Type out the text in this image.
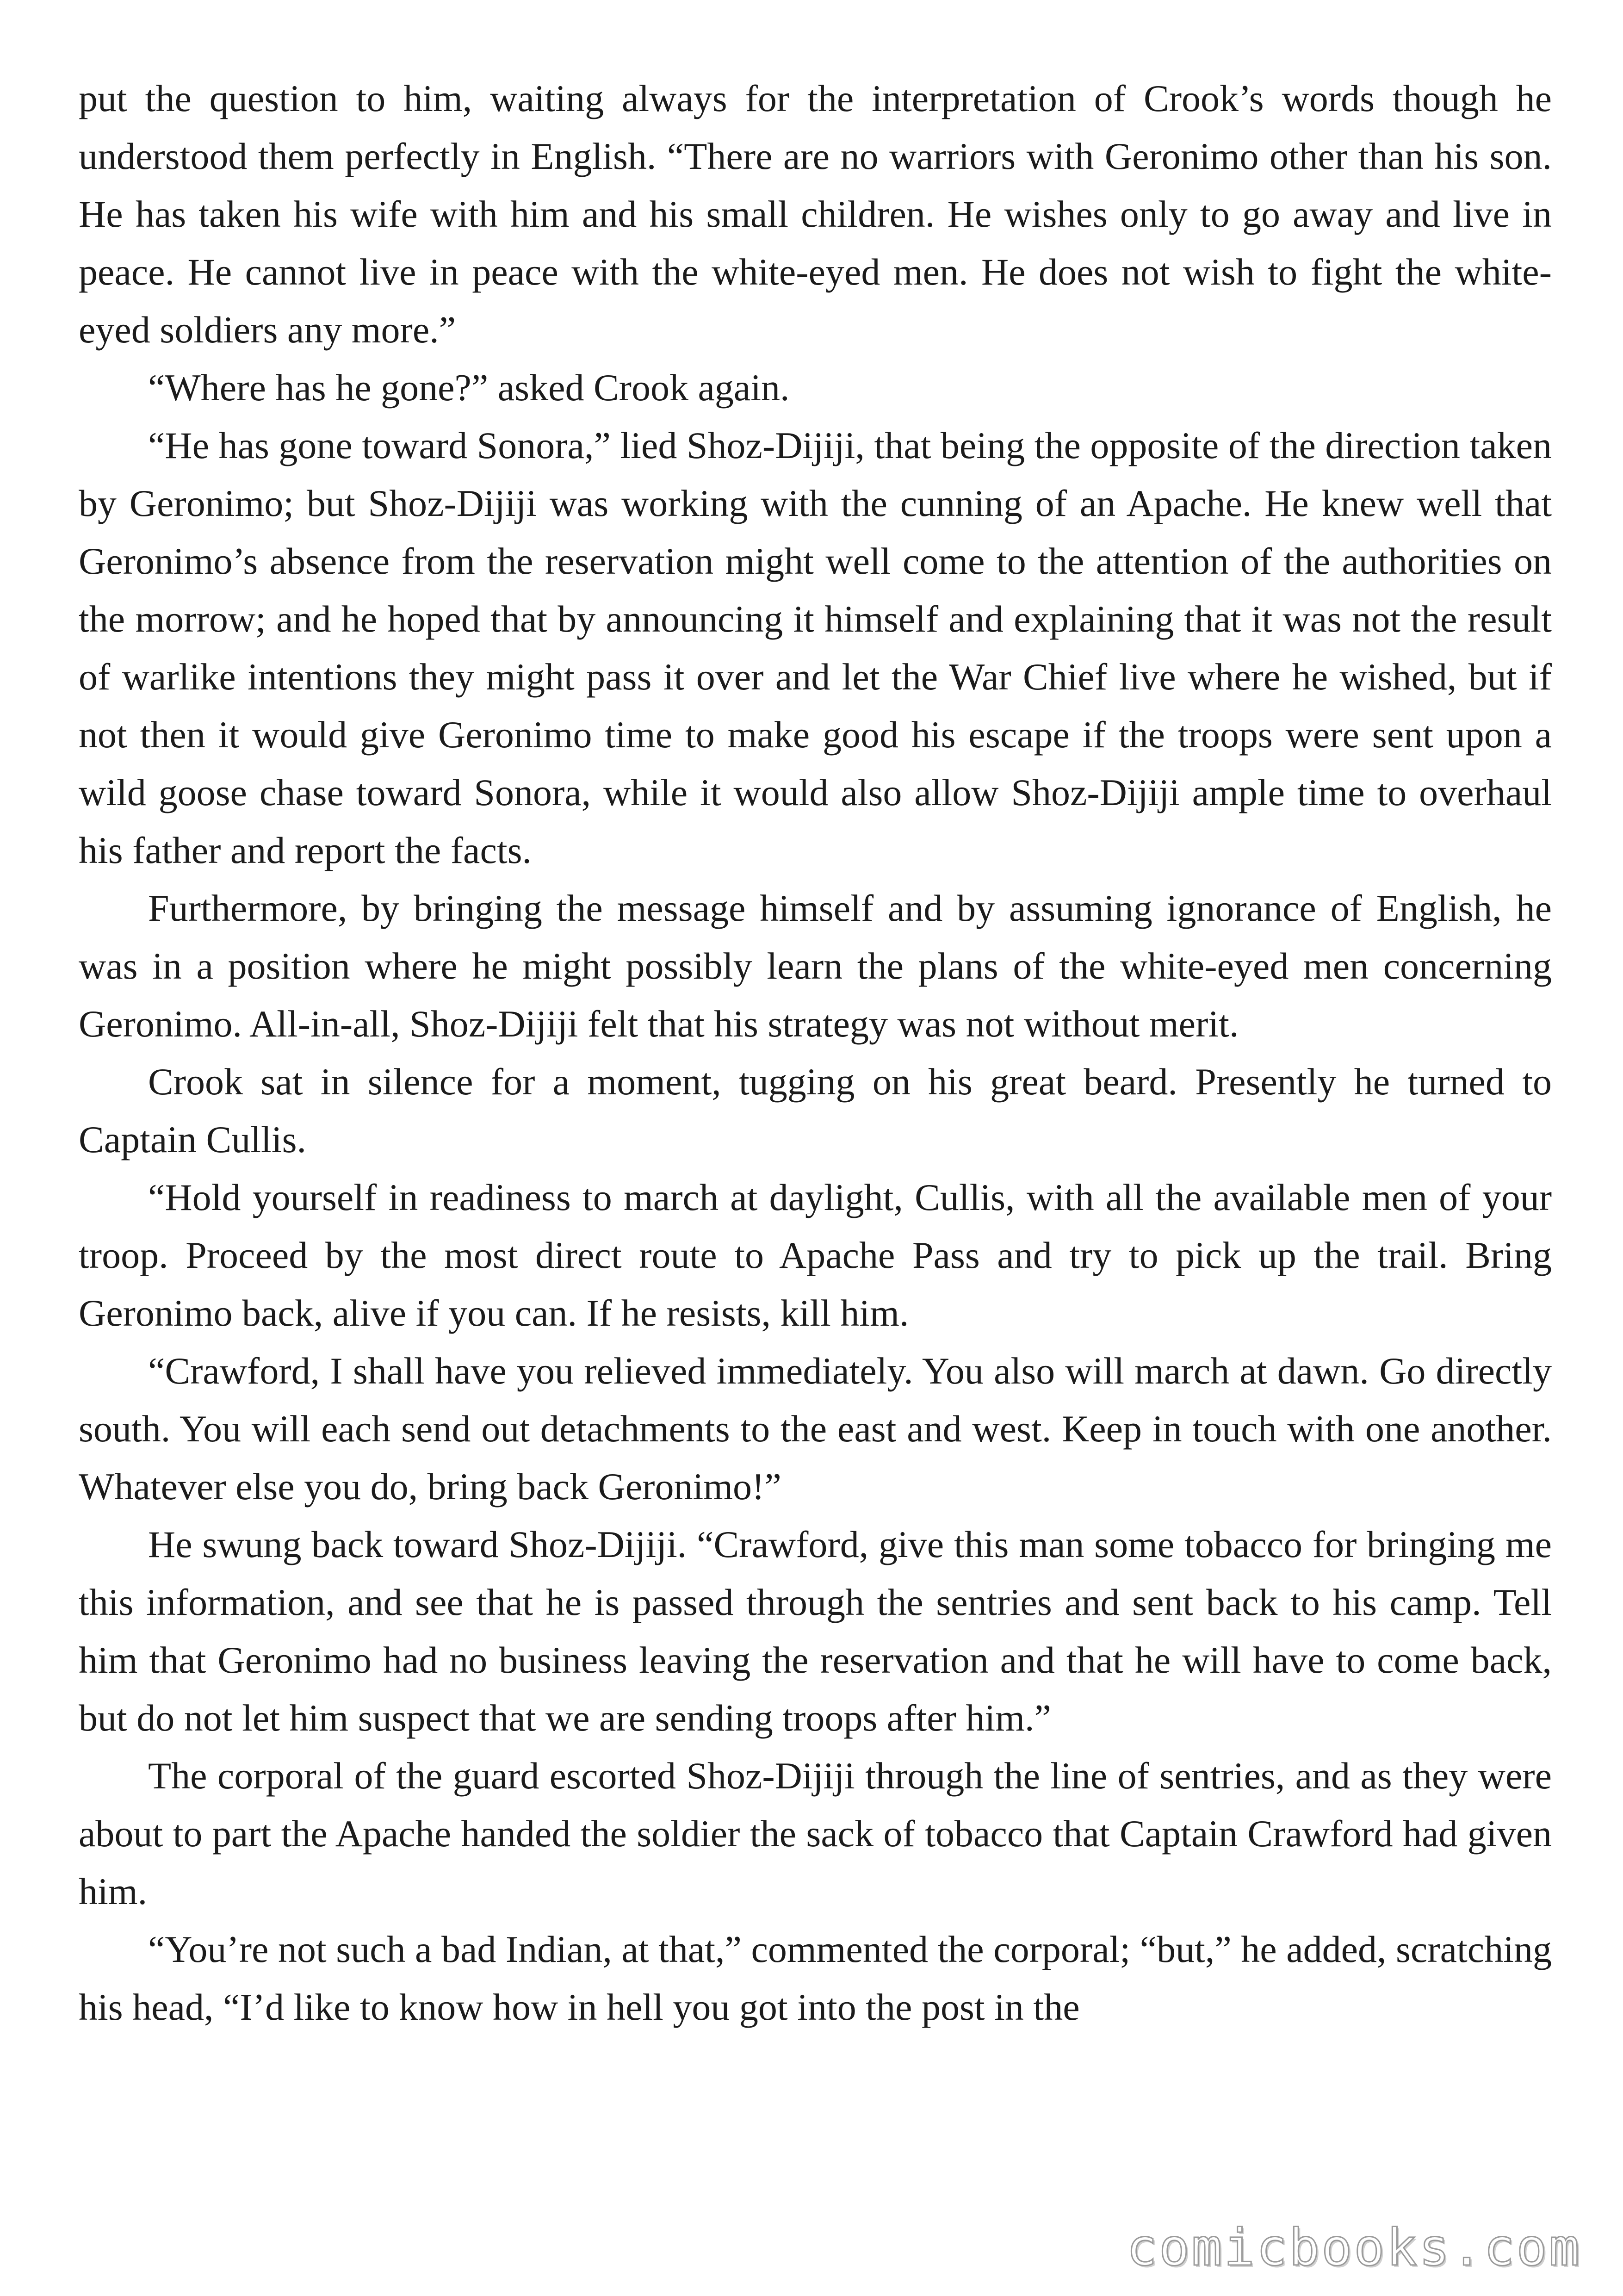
put the question to him, waiting always for the interpretation of Crook’s words though he understood them perfectly in English. “There are no warriors with Geronimo other than his son. He has taken his wife with him and his small children. He wishes only to go away and live in peace. He cannot live in peace with the white-eyed men. He does not wish to fight the white-eyed soldiers any more.”

“Where has he gone?” asked Crook again.

“He has gone toward Sonora,” lied Shoz-Dijiji, that being the opposite of the direction taken by Geronimo; but Shoz-Dijiji was working with the cunning of an Apache. He knew well that Geronimo’s absence from the reservation might well come to the attention of the authorities on the morrow; and he hoped that by announcing it himself and explaining that it was not the result of warlike intentions they might pass it over and let the War Chief live where he wished, but if not then it would give Geronimo time to make good his escape if the troops were sent upon a wild goose chase toward Sonora, while it would also allow Shoz-Dijiji ample time to overhaul his father and report the facts.

Furthermore, by bringing the message himself and by assuming ignorance of English, he was in a position where he might possibly learn the plans of the white-eyed men concerning Geronimo. All-in-all, Shoz-Dijiji felt that his strategy was not without merit.

Crook sat in silence for a moment, tugging on his great beard. Presently he turned to Captain Cullis.

“Hold yourself in readiness to march at daylight, Cullis, with all the available men of your troop. Proceed by the most direct route to Apache Pass and try to pick up the trail. Bring Geronimo back, alive if you can. If he resists, kill him.

“Crawford, I shall have you relieved immediately. You also will march at dawn. Go directly south. You will each send out detachments to the east and west. Keep in touch with one another. Whatever else you do, bring back Geronimo!”

He swung back toward Shoz-Dijiji. “Crawford, give this man some tobacco for bringing me this information, and see that he is passed through the sentries and sent back to his camp. Tell him that Geronimo had no business leaving the reservation and that he will have to come back, but do not let him suspect that we are sending troops after him.”

The corporal of the guard escorted Shoz-Dijiji through the line of sentries, and as they were about to part the Apache handed the soldier the sack of tobacco that Captain Crawford had given him.

“You’re not such a bad Indian, at that,” commented the corporal; “but,” he added, scratching his head, “I’d like to know how in hell you got into the post in the

comicbooks.com
